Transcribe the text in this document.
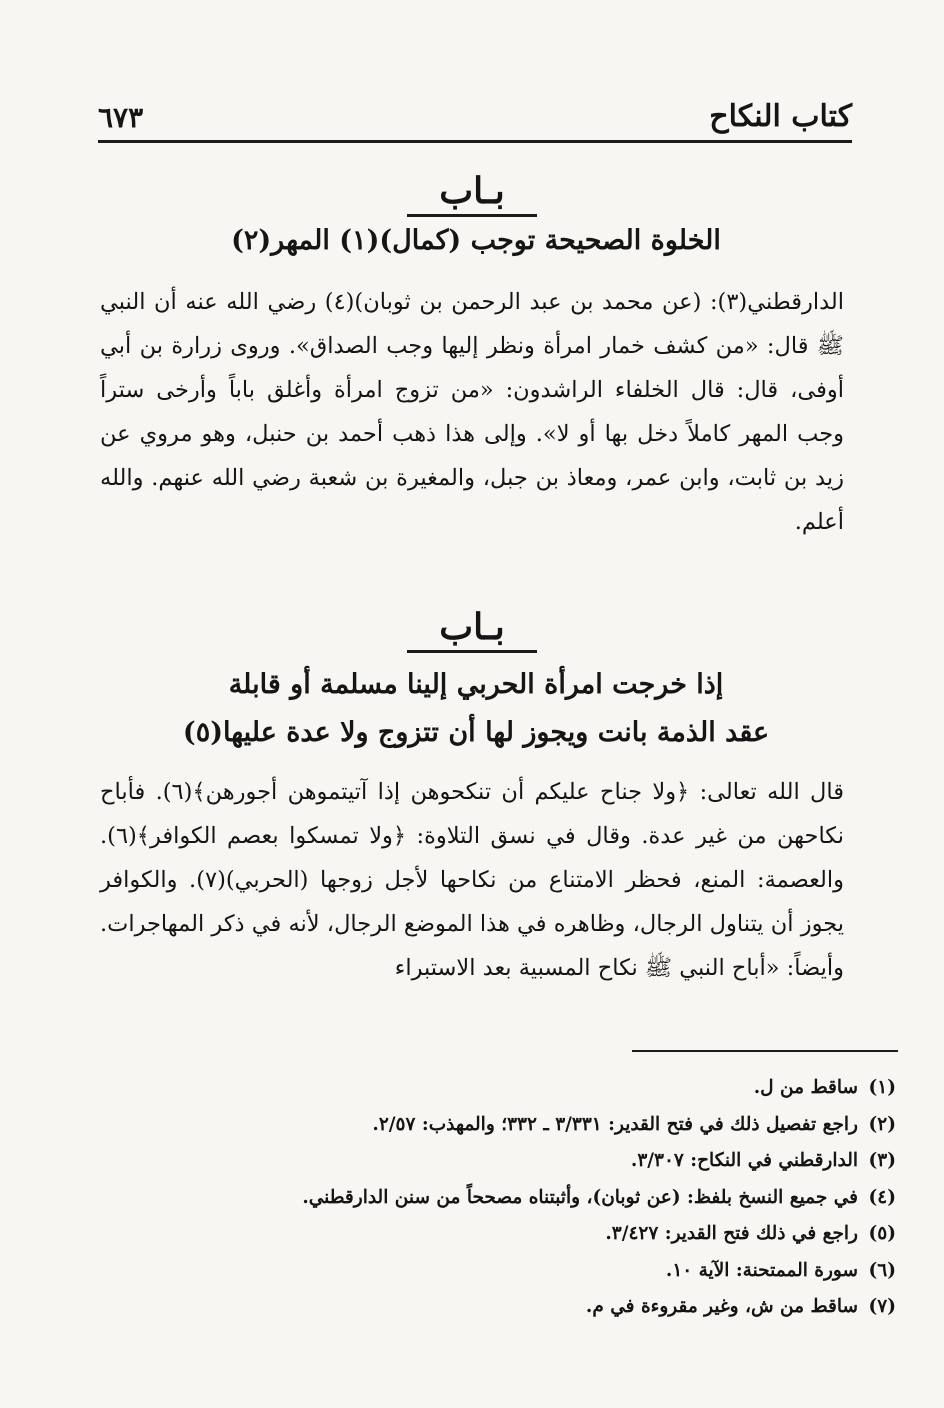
٦٧٣	كتاب النكاح
بـاب
الخلوة الصحيحة توجب (كمال)(١) المهر(٢)
الدارقطني(٣): (عن محمد بن عبد الرحمن بن ثوبان)(٤) رضي الله عنه أن النبي ﷺ قال: «من كشف خمار امرأة ونظر إليها وجب الصداق». وروى زرارة بن أبي أوفى، قال: قال الخلفاء الراشدون: «من تزوج امرأة وأغلق باباً وأرخى ستراً وجب المهر كاملاً دخل بها أو لا». وإلى هذا ذهب أحمد بن حنبل، وهو مروي عن زيد بن ثابت، وابن عمر، ومعاذ بن جبل، والمغيرة بن شعبة رضي الله عنهم. والله أعلم.
بـاب
إذا خرجت امرأة الحربي إلينا مسلمة أو قابلة
عقد الذمة بانت ويجوز لها أن تتزوج ولا عدة عليها(٥)
قال الله تعالى: ﴿ولا جناح عليكم أن تنكحوهن إذا آتيتموهن أجورهن﴾(٦). فأباح نكاحهن من غير عدة. وقال في نسق التلاوة: ﴿ولا تمسكوا بعصم الكوافر﴾(٦). والعصمة: المنع، فحظر الامتناع من نكاحها لأجل زوجها (الحربي)(٧). والكوافر يجوز أن يتناول الرجال، وظاهره في هذا الموضع الرجال، لأنه في ذكر المهاجرات. وأيضاً: «أباح النبي ﷺ نكاح المسبية بعد الاستبراء
(١)ساقط من ل.
(٢)راجع تفصيل ذلك في فتح القدير: ٣/٣٣١ ـ ٣٣٢؛ والمهذب: ٢/٥٧.
(٣)الدارقطني في النكاح: ٣/٣٠٧.
(٤)في جميع النسخ بلفظ: (عن ثوبان)، وأثبتناه مصححاً من سنن الدارقطني.
(٥)راجع في ذلك فتح القدير: ٣/٤٢٧.
(٦)سورة الممتحنة: الآية ١٠.
(٧)ساقط من ش، وغير مقروءة في م.
